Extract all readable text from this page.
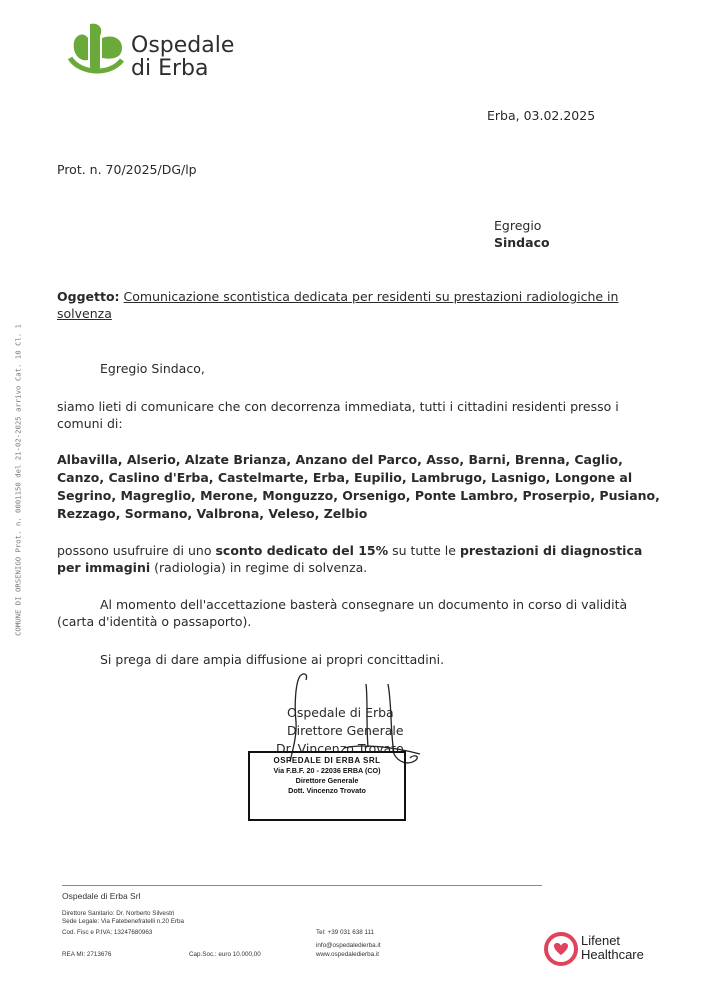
Ospedale
di Erba
COMUNE DI ORSENIGO Prot. n. 0001150 del 21-02-2025 arrivo Cat. 10 Cl. 1
Erba, 03.02.2025
Prot. n. 70/2025/DG/lp
Egregio
Sindaco
Oggetto: Comunicazione scontistica dedicata per residenti su prestazioni radiologiche in
solvenza
Egregio Sindaco,
siamo lieti di comunicare che con decorrenza immediata, tutti i cittadini residenti presso i
comuni di:
Albavilla, Alserio, Alzate Brianza, Anzano del Parco, Asso, Barni, Brenna, Caglio,
Canzo, Caslino d'Erba, Castelmarte, Erba, Eupilio, Lambrugo, Lasnigo, Longone al
Segrino, Magreglio, Merone, Monguzzo, Orsenigo, Ponte Lambro, Proserpio, Pusiano,
Rezzago, Sormano, Valbrona, Veleso, Zelbio
possono usufruire di uno sconto dedicato del 15% su tutte le prestazioni di diagnostica
per immagini (radiologia) in regime di solvenza.
Al momento dell'accettazione basterà consegnare un documento in corso di validità
(carta d'identità o passaporto).
Si prega di dare ampia diffusione ai propri concittadini.
Ospedale di Erba
Direttore Generale
Dr. Vincenzo Trovato
OSPEDALE DI ERBA SRL
Via F.B.F. 20 - 22036 ERBA (CO)
Direttore Generale
Dott. Vincenzo Trovato
Ospedale di Erba Srl
Direttore Sanitario: Dr. Norberto Silvestri
Sede Legale: Via Fatebenefratelli n.20 Erba
Cod. Fisc e P.IVA: 13247680963
REA MI: 2713676	Cap.Soc.: euro 10.000,00
Tel: +39 031 638 111
info@ospedaledierba.it
www.ospedaledierba.it
Lifenet
Healthcare
